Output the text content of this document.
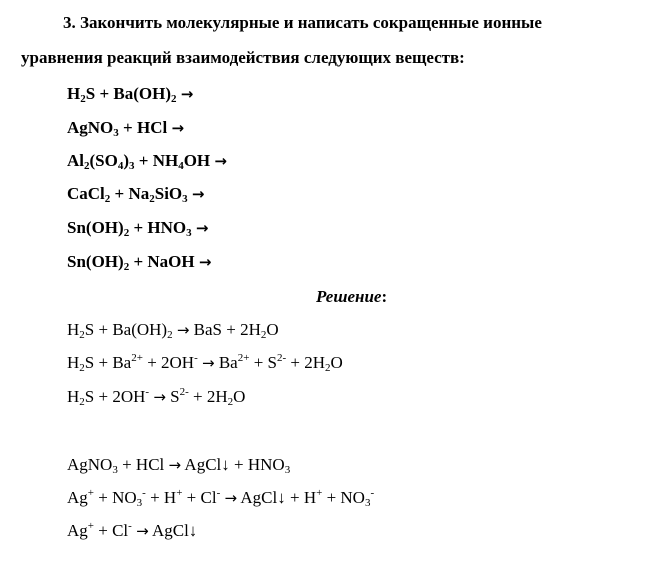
3. Закончить молекулярные и написать сокращенные ионные
уравнения реакций взаимодействия следующих веществ:
$H_2S + Ba(OH)_2$ →
AgNO$_3$ + HCl →
$Al_2(SO_4)_3 + NH_4OH$ →
CaCl$_2$ + $Na_2SiO_3$ →
$Sn(OH)_2 + HNO_3$ →
$Sn(OH)_2$ + NaOH →
Решение:
$H_2S + Ba(OH)_2$ → BaS + $2H_2O$
$H_2S + Ba^{2+} + 2OH^- \to Ba^{2+} + S^{2-} + 2H_2O$
$H_2S + 2OH^- \to S^{2-} + 2H_2O$
AgNO$_3$ + HCl → AgCl↓ + $HNO_3$
$Ag^+ + NO_3^- + H^+ + Cl^-$ → AgCl↓ + $H^+ + NO_3^-$
Ag+ + Cl- → AgCl↓
